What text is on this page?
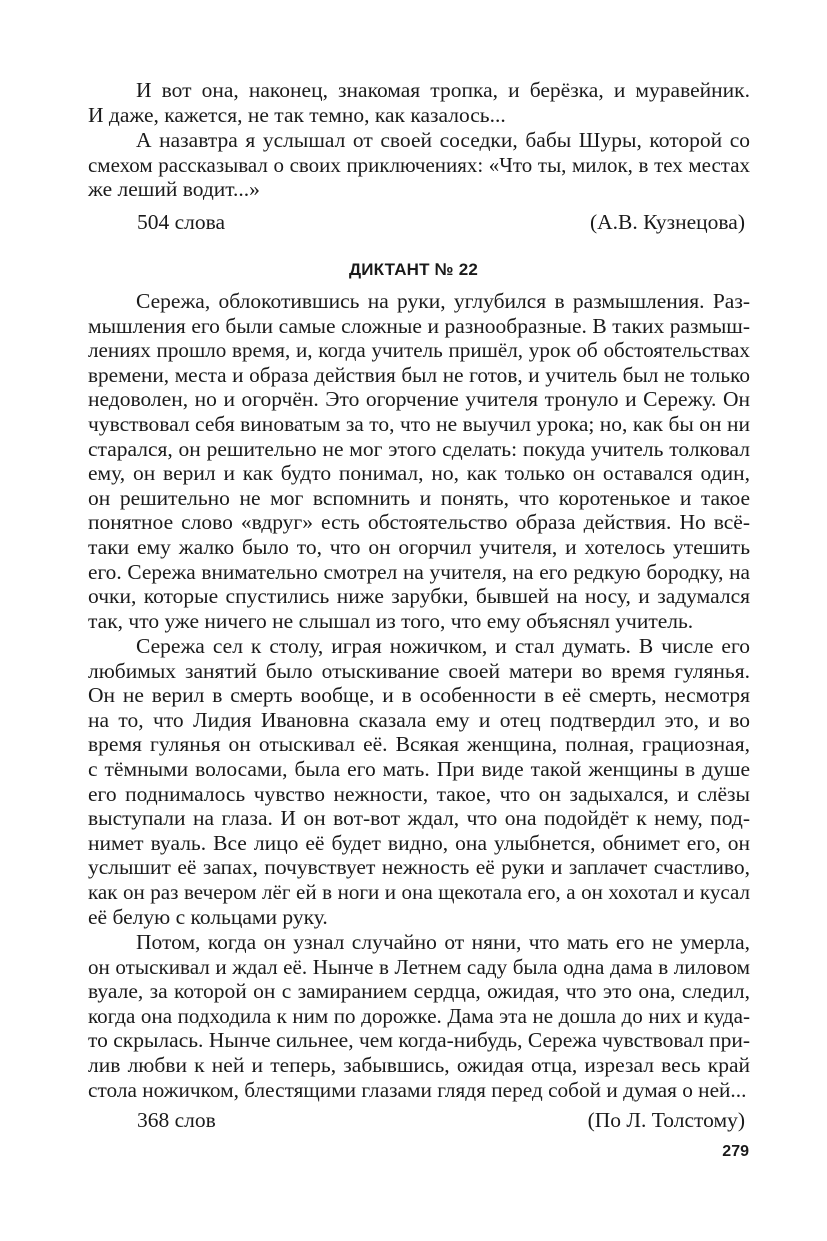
И вот она, наконец, знакомая тропка, и берёзка, и муравейник.
И даже, кажется, не так темно, как казалось...
А назавтра я услышал от своей соседки, бабы Шуры, которой со
смехом рассказывал о своих приключениях: «Что ты, милок, в тех местах
же леший водит...»
504 слова	(А.В. Кузнецова)
ДИКТАНТ № 22
Сережа, облокотившись на руки, углубился в размышления. Раз-
мышления его были самые сложные и разнообразные. В таких размыш-
лениях прошло время, и, когда учитель пришёл, урок об обстоятельствах
времени, места и образа действия был не готов, и учитель был не только
недоволен, но и огорчён. Это огорчение учителя тронуло и Сережу. Он
чувствовал себя виноватым за то, что не выучил урока; но, как бы он ни
старался, он решительно не мог этого сделать: покуда учитель толковал
ему, он верил и как будто понимал, но, как только он оставался один,
он решительно не мог вспомнить и понять, что коротенькое и такое
понятное слово «вдруг» есть обстоятельство образа действия. Но всё-
таки ему жалко было то, что он огорчил учителя, и хотелось утешить
его. Сережа внимательно смотрел на учителя, на его редкую бородку, на
очки, которые спустились ниже зарубки, бывшей на носу, и задумался
так, что уже ничего не слышал из того, что ему объяснял учитель.
Сережа сел к столу, играя ножичком, и стал думать. В числе его
любимых занятий было отыскивание своей матери во время гулянья.
Он не верил в смерть вообще, и в особенности в её смерть, несмотря
на то, что Лидия Ивановна сказала ему и отец подтвердил это, и во
время гулянья он отыскивал её. Всякая женщина, полная, грациозная,
с тёмными волосами, была его мать. При виде такой женщины в душе
его поднималось чувство нежности, такое, что он задыхался, и слёзы
выступали на глаза. И он вот-вот ждал, что она подойдёт к нему, под-
нимет вуаль. Все лицо её будет видно, она улыбнется, обнимет его, он
услышит её запах, почувствует нежность её руки и заплачет счастливо,
как он раз вечером лёг ей в ноги и она щекотала его, а он хохотал и кусал
её белую с кольцами руку.
Потом, когда он узнал случайно от няни, что мать его не умерла,
он отыскивал и ждал её. Нынче в Летнем саду была одна дама в лиловом
вуале, за которой он с замиранием сердца, ожидая, что это она, следил,
когда она подходила к ним по дорожке. Дама эта не дошла до них и куда-
то скрылась. Нынче сильнее, чем когда-нибудь, Сережа чувствовал при-
лив любви к ней и теперь, забывшись, ожидая отца, изрезал весь край
стола ножичком, блестящими глазами глядя перед собой и думая о ней...
368 слов	(По Л. Толстому)
279
